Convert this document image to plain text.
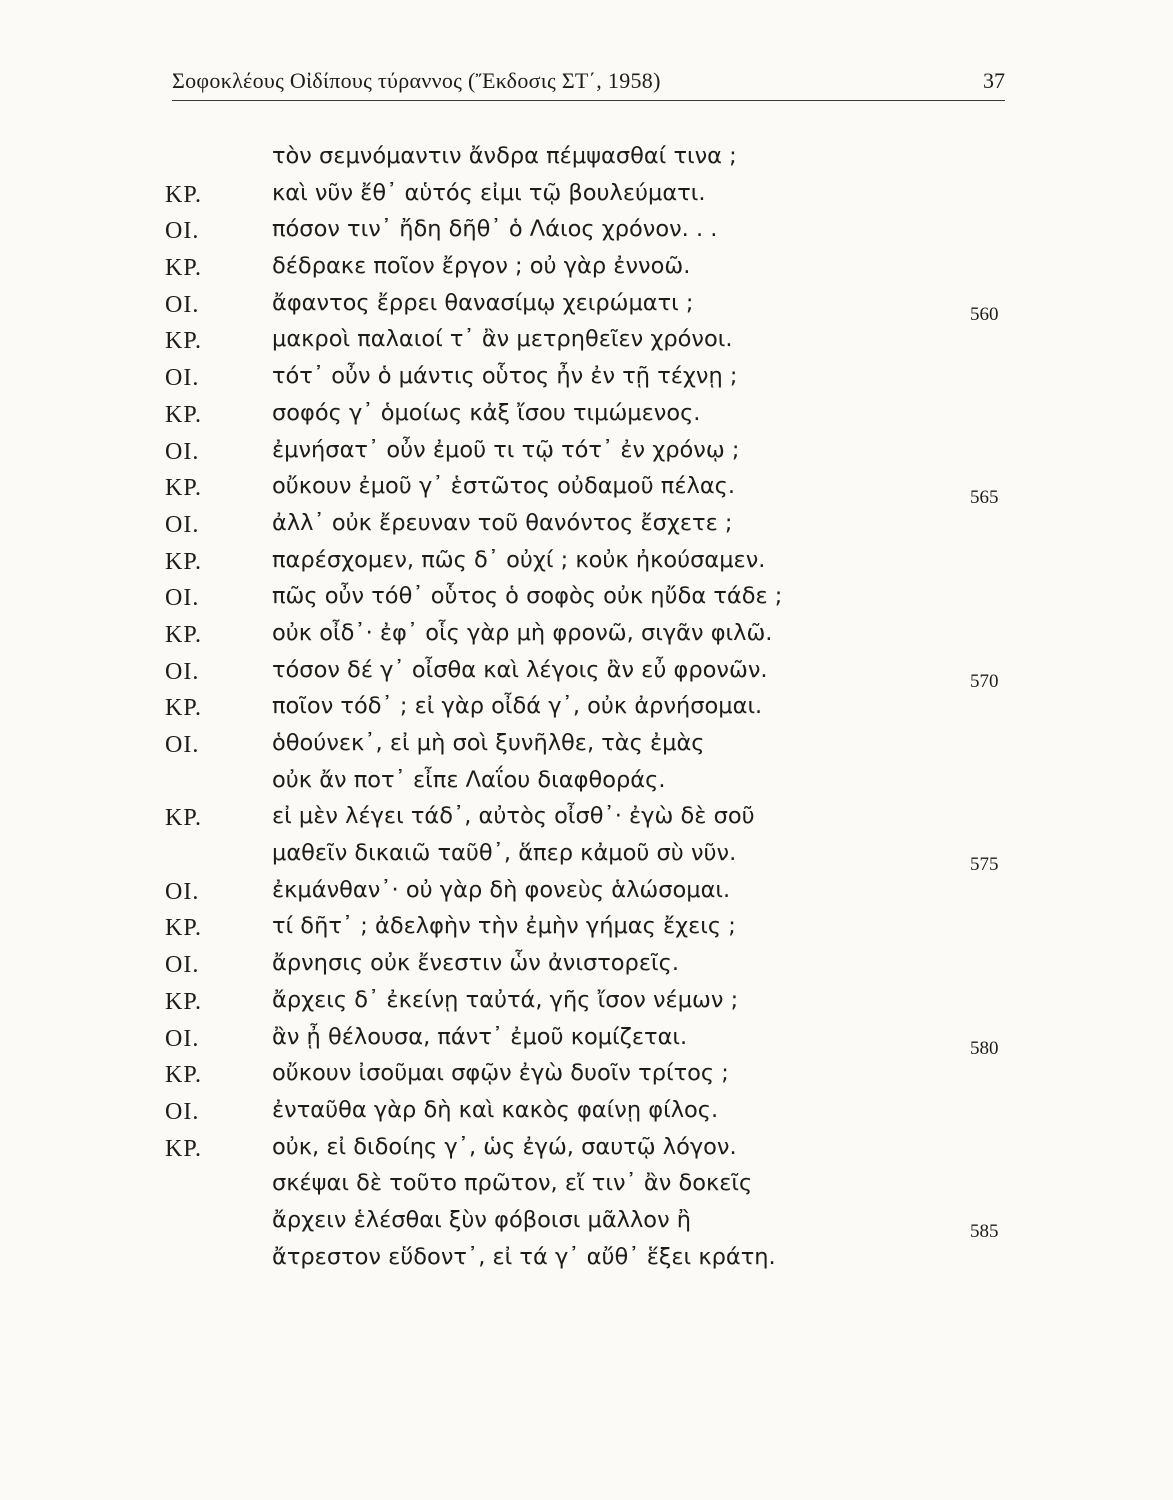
Σοφοκλέους Οἰδίπους τύραννος (Ἔκδοσις ΣΤ΄, 1958)	37
τὸν σεμνόμαντιν ἄνδρα πέμψασθαί τινα ;
ΚΡ.	καὶ νῦν ἔθ᾿ αὑτός εἰμι τῷ βουλεύματι.
ΟΙ.	πόσον τιν᾿ ἤδη δῆθ᾿ ὁ Λάιος χρόνον. . .
ΚΡ.	δέδρακε ποῖον ἔργον ; οὐ γὰρ ἐννοῶ.
ΟΙ.	ἄφαντος ἔρρει θανασίμῳ χειρώματι ;	560
ΚΡ.	μακροὶ παλαιοί τ᾿ ἂν μετρηθεῖεν χρόνοι.
ΟΙ.	τότ᾿ οὖν ὁ μάντις οὗτος ἦν ἐν τῇ τέχνῃ ;
ΚΡ.	σοφός γ᾿ ὁμοίως κἀξ ἴσου τιμώμενος.
ΟΙ.	ἐμνήσατ᾿ οὖν ἐμοῦ τι τῷ τότ᾿ ἐν χρόνῳ ;
ΚΡ.	οὔκουν ἐμοῦ γ᾿ ἑστῶτος οὐδαμοῦ πέλας.	565
ΟΙ.	ἀλλ᾿ οὐκ ἔρευναν τοῦ θανόντος ἔσχετε ;
ΚΡ.	παρέσχομεν, πῶς δ᾿ οὐχί ; κοὐκ ἠκούσαμεν.
ΟΙ.	πῶς οὖν τόθ᾿ οὗτος ὁ σοφὸς οὐκ ηὔδα τάδε ;
ΚΡ.	οὐκ οἶδ᾿· ἐφ᾿ οἷς γὰρ μὴ φρονῶ, σιγᾶν φιλῶ.
ΟΙ.	τόσον δέ γ᾿ οἶσθα καὶ λέγοις ἂν εὖ φρονῶν.	570
ΚΡ.	ποῖον τόδ᾿ ; εἰ γὰρ οἶδά γ᾿, οὐκ ἀρνήσομαι.
ΟΙ.	ὁθούνεκ᾿, εἰ μὴ σοὶ ξυνῆλθε, τὰς ἐμὰς
οὐκ ἄν ποτ᾿ εἶπε Λαΐου διαφθοράς.
ΚΡ.	εἰ μὲν λέγει τάδ᾿, αὐτὸς οἶσθ᾿· ἐγὼ δὲ σοῦ
μαθεῖν δικαιῶ ταῦθ᾿, ἅπερ κἀμοῦ σὺ νῦν.	575
ΟΙ.	ἐκμάνθαν᾿· οὐ γὰρ δὴ φονεὺς ἁλώσομαι.
ΚΡ.	τί δῆτ᾿ ; ἀδελφὴν τὴν ἐμὴν γήμας ἔχεις ;
ΟΙ.	ἄρνησις οὐκ ἔνεστιν ὧν ἀνιστορεῖς.
ΚΡ.	ἄρχεις δ᾿ ἐκείνῃ ταὐτά, γῆς ἴσον νέμων ;
ΟΙ.	ἂν ᾖ θέλουσα, πάντ᾿ ἐμοῦ κομίζεται.	580
ΚΡ.	οὔκουν ἰσοῦμαι σφῷν ἐγὼ δυοῖν τρίτος ;
ΟΙ.	ἐνταῦθα γὰρ δὴ καὶ κακὸς φαίνῃ φίλος.
ΚΡ.	οὐκ, εἰ διδοίης γ᾿, ὡς ἐγώ, σαυτῷ λόγον.
σκέψαι δὲ τοῦτο πρῶτον, εἴ τιν᾿ ἂν δοκεῖς
ἄρχειν ἑλέσθαι ξὺν φόβοισι μᾶλλον ἢ	585
ἄτρεστον εὕδοντ᾿, εἰ τά γ᾿ αὔθ᾿ ἕξει κράτη.
